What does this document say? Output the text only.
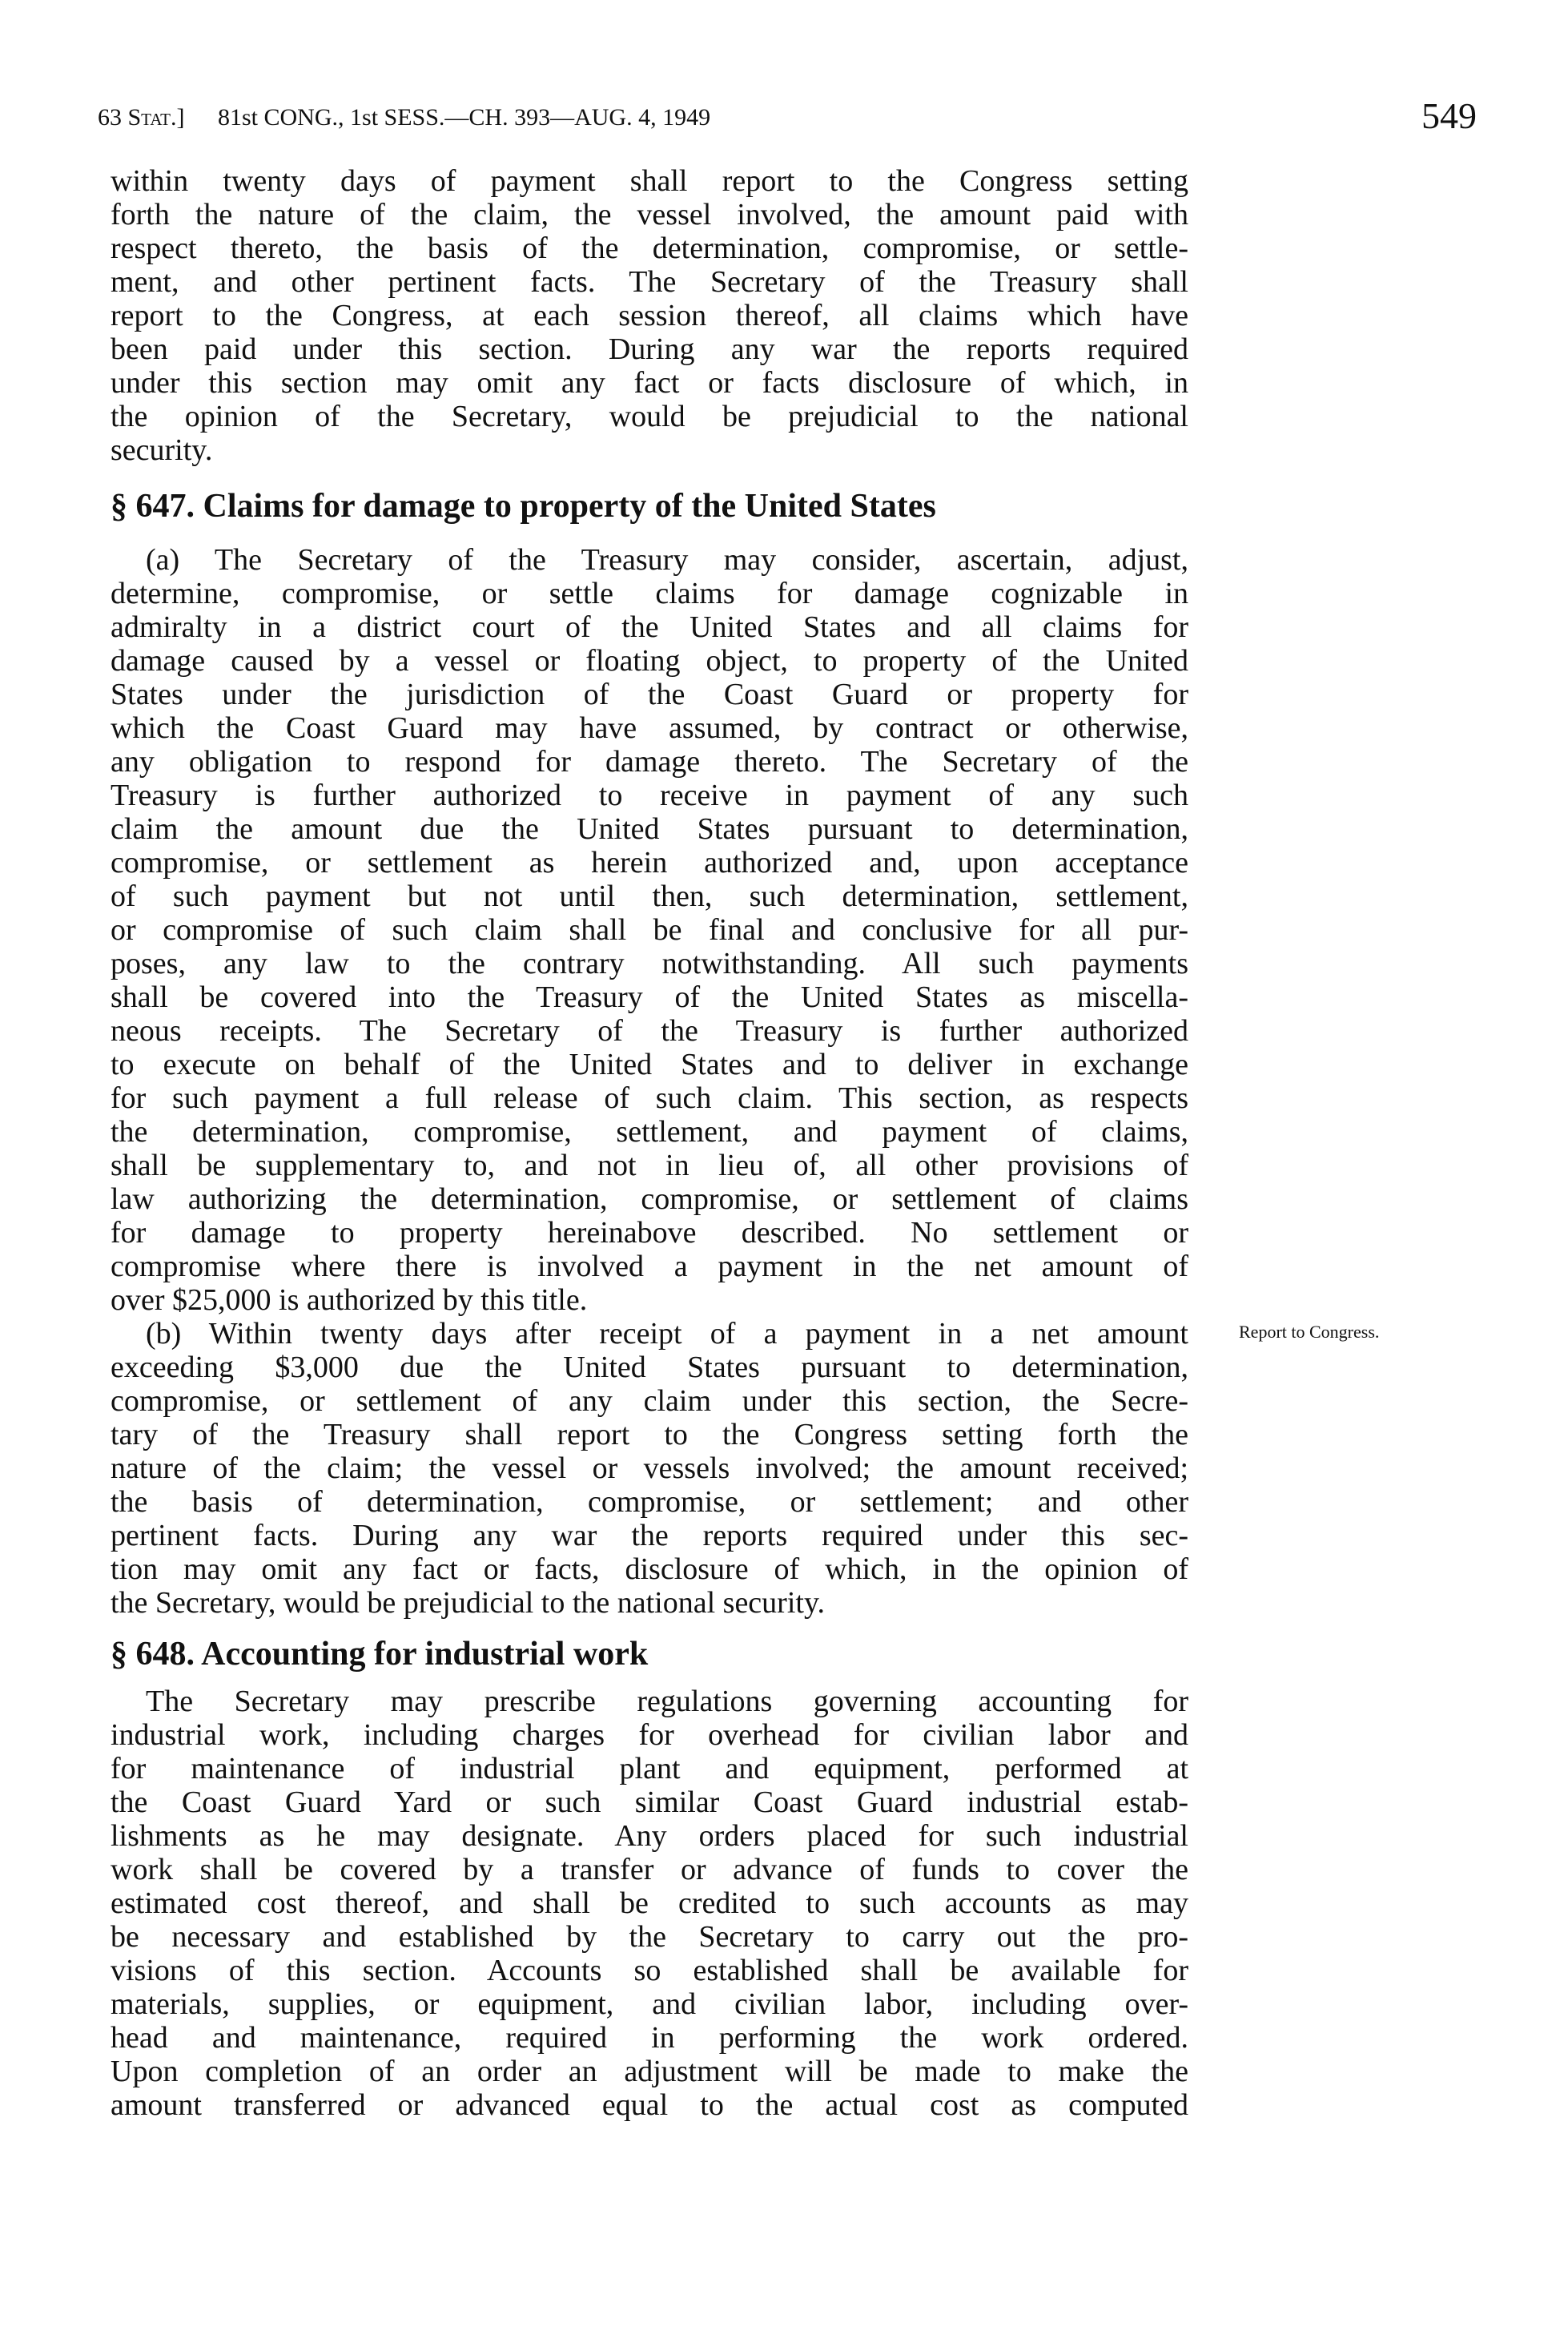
63 Stat.] 81st CONG., 1st SESS.—CH. 393—AUG. 4, 1949	549
within twenty days of payment shall report to the Congress setting
forth the nature of the claim, the vessel involved, the amount paid with
respect thereto, the basis of the determination, compromise, or settle-
ment, and other pertinent facts. The Secretary of the Treasury shall
report to the Congress, at each session thereof, all claims which have
been paid under this section. During any war the reports required
under this section may omit any fact or facts disclosure of which, in
the opinion of the Secretary, would be prejudicial to the national
security.
§ 647. Claims for damage to property of the United States
(a) The Secretary of the Treasury may consider, ascertain, adjust,
determine, compromise, or settle claims for damage cognizable in
admiralty in a district court of the United States and all claims for
damage caused by a vessel or floating object, to property of the United
States under the jurisdiction of the Coast Guard or property for
which the Coast Guard may have assumed, by contract or otherwise,
any obligation to respond for damage thereto. The Secretary of the
Treasury is further authorized to receive in payment of any such
claim the amount due the United States pursuant to determination,
compromise, or settlement as herein authorized and, upon acceptance
of such payment but not until then, such determination, settlement,
or compromise of such claim shall be final and conclusive for all pur-
poses, any law to the contrary notwithstanding. All such payments
shall be covered into the Treasury of the United States as miscella-
neous receipts. The Secretary of the Treasury is further authorized
to execute on behalf of the United States and to deliver in exchange
for such payment a full release of such claim. This section, as respects
the determination, compromise, settlement, and payment of claims,
shall be supplementary to, and not in lieu of, all other provisions of
law authorizing the determination, compromise, or settlement of claims
for damage to property hereinabove described. No settlement or
compromise where there is involved a payment in the net amount of
over $25,000 is authorized by this title.
(b) Within twenty days after receipt of a payment in a net amount
exceeding $3,000 due the United States pursuant to determination,
compromise, or settlement of any claim under this section, the Secre-
tary of the Treasury shall report to the Congress setting forth the
nature of the claim; the vessel or vessels involved; the amount received;
the basis of determination, compromise, or settlement; and other
pertinent facts. During any war the reports required under this sec-
tion may omit any fact or facts, disclosure of which, in the opinion of
the Secretary, would be prejudicial to the national security.
Report to Congress.
§ 648. Accounting for industrial work
The Secretary may prescribe regulations governing accounting for
industrial work, including charges for overhead for civilian labor and
for maintenance of industrial plant and equipment, performed at
the Coast Guard Yard or such similar Coast Guard industrial estab-
lishments as he may designate. Any orders placed for such industrial
work shall be covered by a transfer or advance of funds to cover the
estimated cost thereof, and shall be credited to such accounts as may
be necessary and established by the Secretary to carry out the pro-
visions of this section. Accounts so established shall be available for
materials, supplies, or equipment, and civilian labor, including over-
head and maintenance, required in performing the work ordered.
Upon completion of an order an adjustment will be made to make the
amount transferred or advanced equal to the actual cost as computed
